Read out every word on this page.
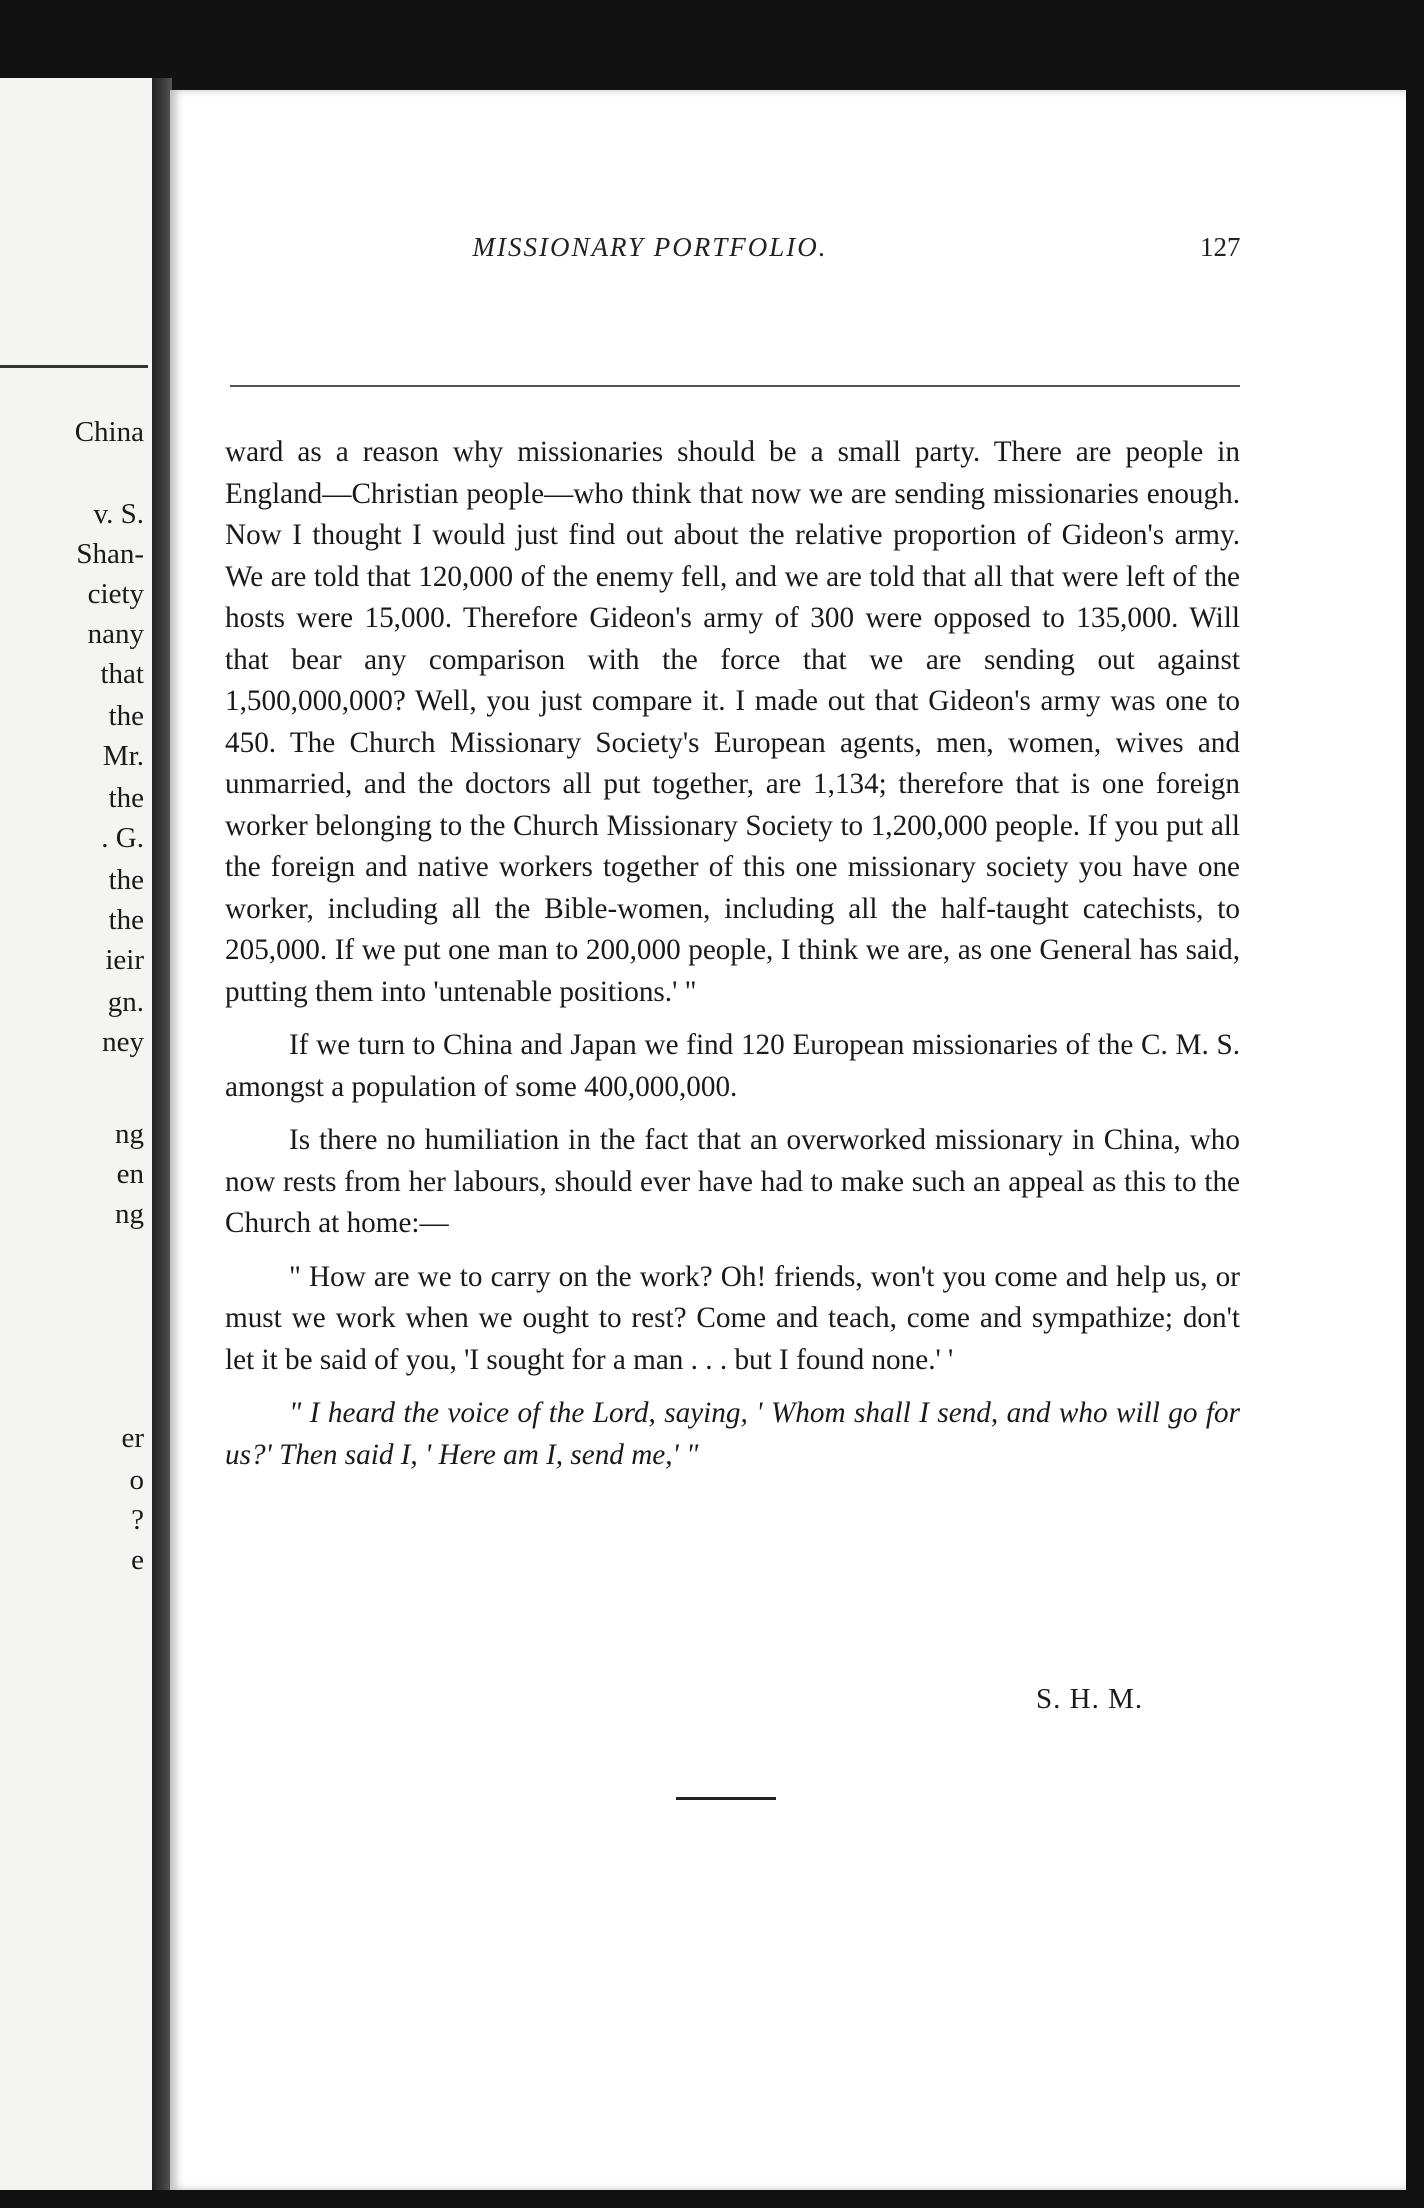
China
v. S.
Shan-
ciety
nany
that
the
Mr.
the
. G.
the
the
ieir
gn.
ney
ng
en
ng
er
o
?
e
MISSIONARY PORTFOLIO.	127

ward as a reason why missionaries should be a small party. There are people in England—Christian people—who think that now we are sending missionaries enough. Now I thought I would just find out about the relative proportion of Gideon's army. We are told that 120,000 of the enemy fell, and we are told that all that were left of the hosts were 15,000. Therefore Gideon's army of 300 were opposed to 135,000. Will that bear any comparison with the force that we are sending out against 1,500,000,000? Well, you just compare it. I made out that Gideon's army was one to 450. The Church Missionary Society's European agents, men, women, wives and unmarried, and the doctors all put together, are 1,134; therefore that is one foreign worker belonging to the Church Missionary Society to 1,200,000 people. If you put all the foreign and native workers together of this one missionary society you have one worker, including all the Bible-women, including all the half-taught catechists, to 205,000. If we put one man to 200,000 people, I think we are, as one General has said, putting them into 'untenable positions.' "

If we turn to China and Japan we find 120 European missionaries of the C. M. S. amongst a population of some 400,000,000.

Is there no humiliation in the fact that an overworked missionary in China, who now rests from her labours, should ever have had to make such an appeal as this to the Church at home:—

" How are we to carry on the work? Oh! friends, won't you come and help us, or must we work when we ought to rest? Come and teach, come and sympathize; don't let it be said of you, 'I sought for a man . . . but I found none.' '

" I heard the voice of the Lord, saying, ' Whom shall I send, and who will go for us?' Then said I, ' Here am I, send me,' "

S. H. M.
